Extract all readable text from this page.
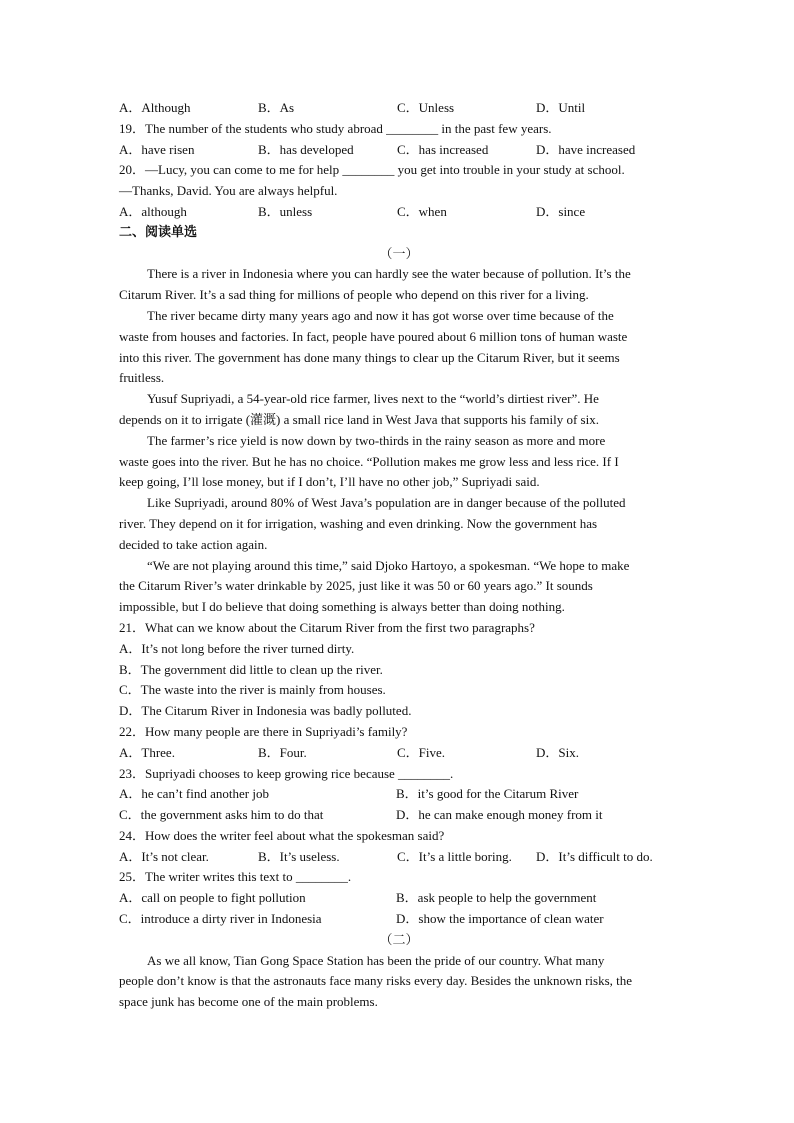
A．Although	B．As	C．Unless	D．Until
19．The number of the students who study abroad ________ in the past few years.
A．have risen	B．has developed	C．has increased	D．have increased
20．—Lucy, you can come to me for help ________ you get into trouble in your study at school.
—Thanks, David. You are always helpful.
A．although	B．unless	C．when	D．since
二、阅读单选
（一）
There is a river in Indonesia where you can hardly see the water because of pollution. It’s the
Citarum River. It’s a sad thing for millions of people who depend on this river for a living.
The river became dirty many years ago and now it has got worse over time because of the
waste from houses and factories. In fact, people have poured about 6 million tons of human waste
into this river. The government has done many things to clear up the Citarum River, but it seems
fruitless.
Yusuf Supriyadi, a 54-year-old rice farmer, lives next to the “world’s dirtiest river”. He
depends on it to irrigate (灌溉) a small rice land in West Java that supports his family of six.
The farmer’s rice yield is now down by two-thirds in the rainy season as more and more
waste goes into the river. But he has no choice. “Pollution makes me grow less and less rice. If I
keep going, I’ll lose money, but if I don’t, I’ll have no other job,” Supriyadi said.
Like Supriyadi, around 80% of West Java’s population are in danger because of the polluted
river. They depend on it for irrigation, washing and even drinking. Now the government has
decided to take action again.
“We are not playing around this time,” said Djoko Hartoyo, a spokesman. “We hope to make
the Citarum River’s water drinkable by 2025, just like it was 50 or 60 years ago.” It sounds
impossible, but I do believe that doing something is always better than doing nothing.
21．What can we know about the Citarum River from the first two paragraphs?
A．It’s not long before the river turned dirty.
B．The government did little to clean up the river.
C．The waste into the river is mainly from houses.
D．The Citarum River in Indonesia was badly polluted.
22．How many people are there in Supriyadi’s family?
A．Three.	B．Four.	C．Five.	D．Six.
23．Supriyadi chooses to keep growing rice because ________.
A．he can’t find another job	B．it’s good for the Citarum River
C．the government asks him to do that	D．he can make enough money from it
24．How does the writer feel about what the spokesman said?
A．It’s not clear.	B．It’s useless.	C．It’s a little boring.	D．It’s difficult to do.
25．The writer writes this text to ________.
A．call on people to fight pollution	B．ask people to help the government
C．introduce a dirty river in Indonesia	D．show the importance of clean water
（二）
As we all know, Tian Gong Space Station has been the pride of our country. What many
people don’t know is that the astronauts face many risks every day. Besides the unknown risks, the
space junk has become one of the main problems.
